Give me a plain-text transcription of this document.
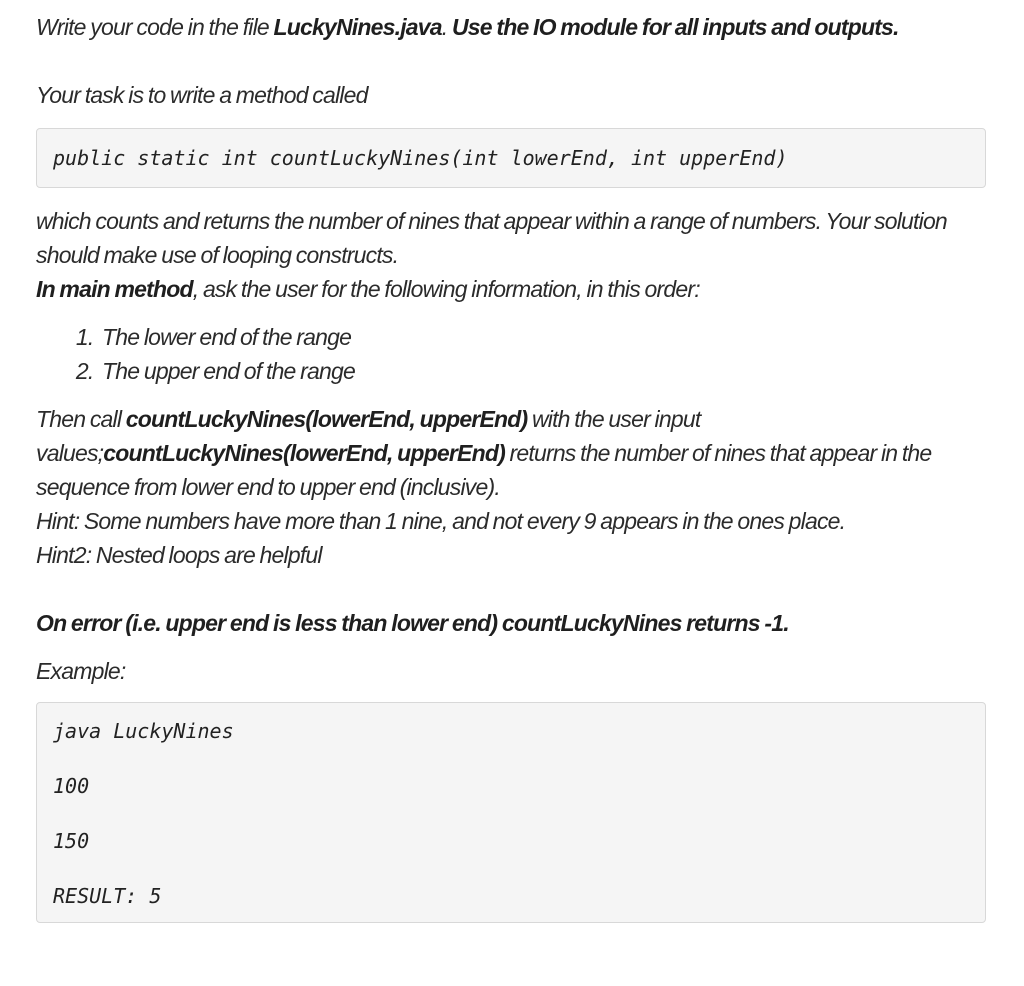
Write your code in the file LuckyNines.java. Use the IO module for all inputs and outputs.

Your task is to write a method called

public static int countLuckyNines(int lowerEnd, int upperEnd)

which counts and returns the number of nines that appear within a range of numbers. Your solution should make use of looping constructs.

In main method, ask the user for the following information, in this order:

1. The lower end of the range
2. The upper end of the range

Then call countLuckyNines(lowerEnd, upperEnd) with the user input values;countLuckyNines(lowerEnd, upperEnd) returns the number of nines that appear in the sequence from lower end to upper end (inclusive).

Hint: Some numbers have more than 1 nine, and not every 9 appears in the ones place.

Hint2: Nested loops are helpful

On error (i.e. upper end is less than lower end) countLuckyNines returns -1.

Example:

java LuckyNines
100
150
RESULT: 5
